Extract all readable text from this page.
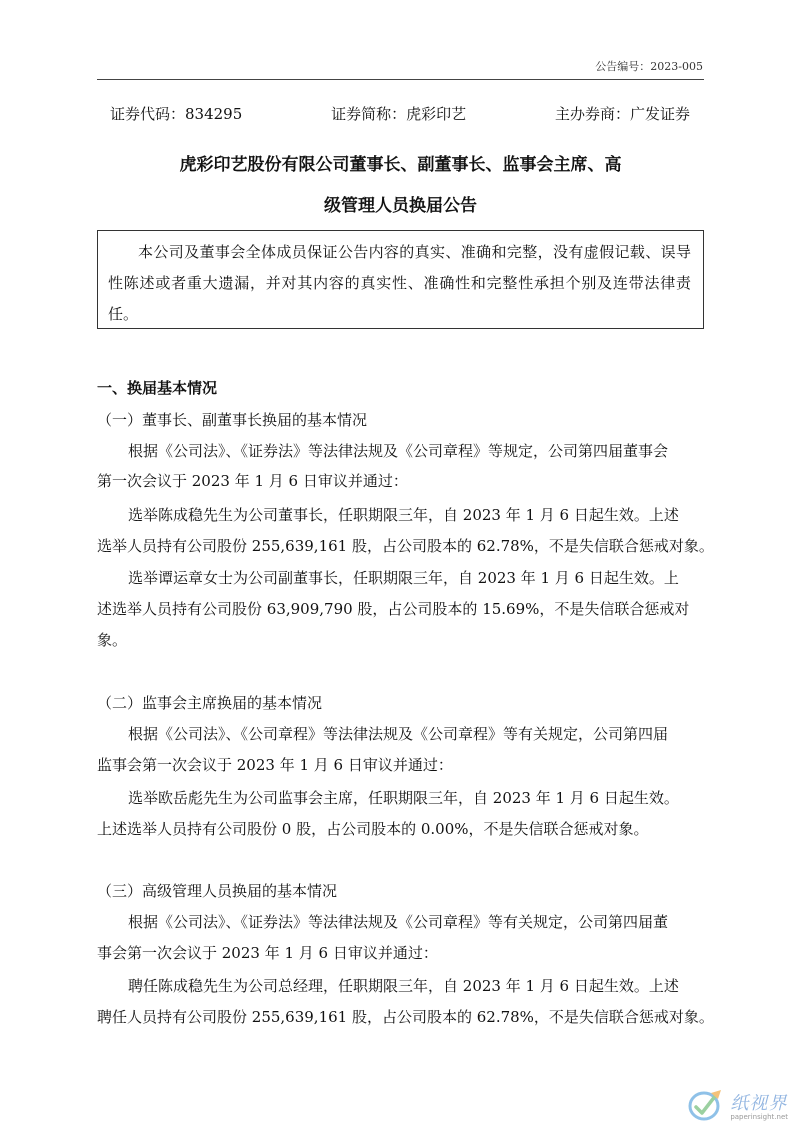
公告编号：2023-005
证券代码：834295	证券简称：虎彩印艺	主办券商：广发证券
虎彩印艺股份有限公司董事长、副董事长、监事会主席、高
级管理人员换届公告
本公司及董事会全体成员保证公告内容的真实、准确和完整，没有虚假记载、误导性陈述或者重大遗漏，并对其内容的真实性、准确性和完整性承担个别及连带法律责任。
一、换届基本情况
（一）董事长、副董事长换届的基本情况
根据《公司法》、《证券法》等法律法规及《公司章程》等规定，公司第四届董事会
第一次会议于 2023 年 1 月 6 日审议并通过：
选举陈成稳先生为公司董事长，任职期限三年，自 2023 年 1 月 6 日起生效。上述
选举人员持有公司股份 255,639,161 股，占公司股本的 62.78%，不是失信联合惩戒对象。
选举谭运章女士为公司副董事长，任职期限三年，自 2023 年 1 月 6 日起生效。上
述选举人员持有公司股份 63,909,790 股，占公司股本的 15.69%，不是失信联合惩戒对
象。
（二）监事会主席换届的基本情况
根据《公司法》、《公司章程》等法律法规及《公司章程》等有关规定，公司第四届
监事会第一次会议于 2023 年 1 月 6 日审议并通过：
选举欧岳彪先生为公司监事会主席，任职期限三年，自 2023 年 1 月 6 日起生效。
上述选举人员持有公司股份 0 股，占公司股本的 0.00%，不是失信联合惩戒对象。
（三）高级管理人员换届的基本情况
根据《公司法》、《证券法》等法律法规及《公司章程》等有关规定，公司第四届董
事会第一次会议于 2023 年 1 月 6 日审议并通过：
聘任陈成稳先生为公司总经理，任职期限三年，自 2023 年 1 月 6 日起生效。上述
聘任人员持有公司股份 255,639,161 股，占公司股本的 62.78%，不是失信联合惩戒对象。
纸视界
paperinsight.net
